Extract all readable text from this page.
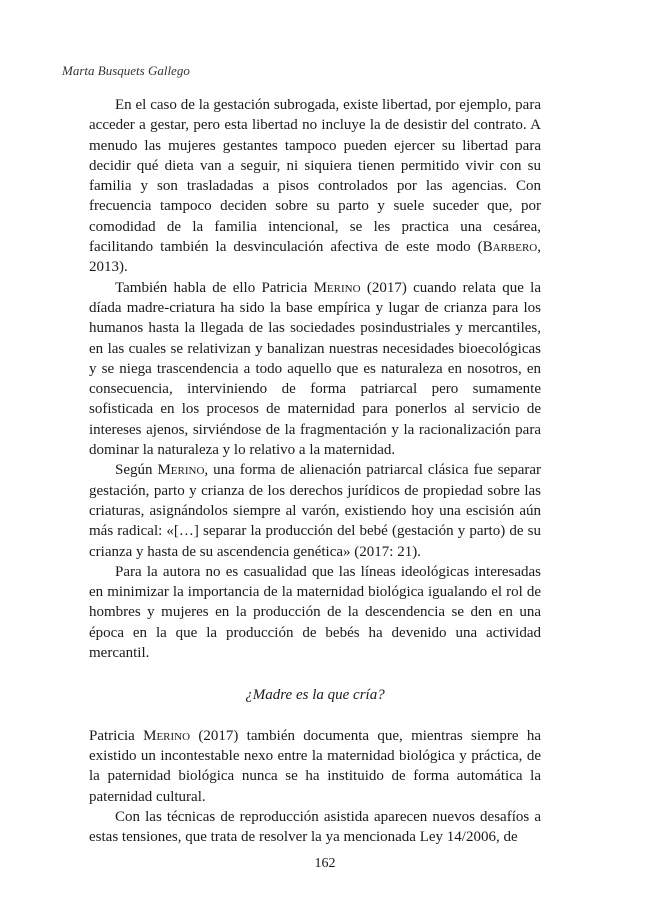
Marta Busquets Gallego

En el caso de la gestación subrogada, existe libertad, por ejemplo, para acceder a gestar, pero esta libertad no incluye la de desistir del contrato. A menudo las mujeres gestantes tampoco pueden ejercer su libertad para decidir qué dieta van a seguir, ni siquiera tienen permitido vivir con su familia y son trasladadas a pisos controlados por las agencias. Con frecuencia tampoco deciden sobre su parto y suele suceder que, por comodidad de la familia intencional, se les practica una cesárea, facilitando también la desvinculación afectiva de este modo (Barbero, 2013).

También habla de ello Patricia Merino (2017) cuando relata que la díada madre-criatura ha sido la base empírica y lugar de crianza para los humanos hasta la llegada de las sociedades posindustriales y mercantiles, en las cuales se relativizan y banalizan nuestras necesidades bioecológicas y se niega trascendencia a todo aquello que es naturaleza en nosotros, en consecuencia, interviniendo de forma patriarcal pero sumamente sofisticada en los procesos de maternidad para ponerlos al servicio de intereses ajenos, sirviéndose de la fragmentación y la racionalización para dominar la naturaleza y lo relativo a la maternidad.

Según Merino, una forma de alienación patriarcal clásica fue separar gestación, parto y crianza de los derechos jurídicos de propiedad sobre las criaturas, asignándolos siempre al varón, existiendo hoy una escisión aún más radical: «[…] separar la producción del bebé (gestación y parto) de su crianza y hasta de su ascendencia genética» (2017: 21).

Para la autora no es casualidad que las líneas ideológicas interesadas en minimizar la importancia de la maternidad biológica igualando el rol de hombres y mujeres en la producción de la descendencia se den en una época en la que la producción de bebés ha devenido una actividad mercantil.

¿Madre es la que cría?

Patricia Merino (2017) también documenta que, mientras siempre ha existido un incontestable nexo entre la maternidad biológica y práctica, de la paternidad biológica nunca se ha instituido de forma automática la paternidad cultural.

Con las técnicas de reproducción asistida aparecen nuevos desafíos a estas tensiones, que trata de resolver la ya mencionada Ley 14/2006, de

162
